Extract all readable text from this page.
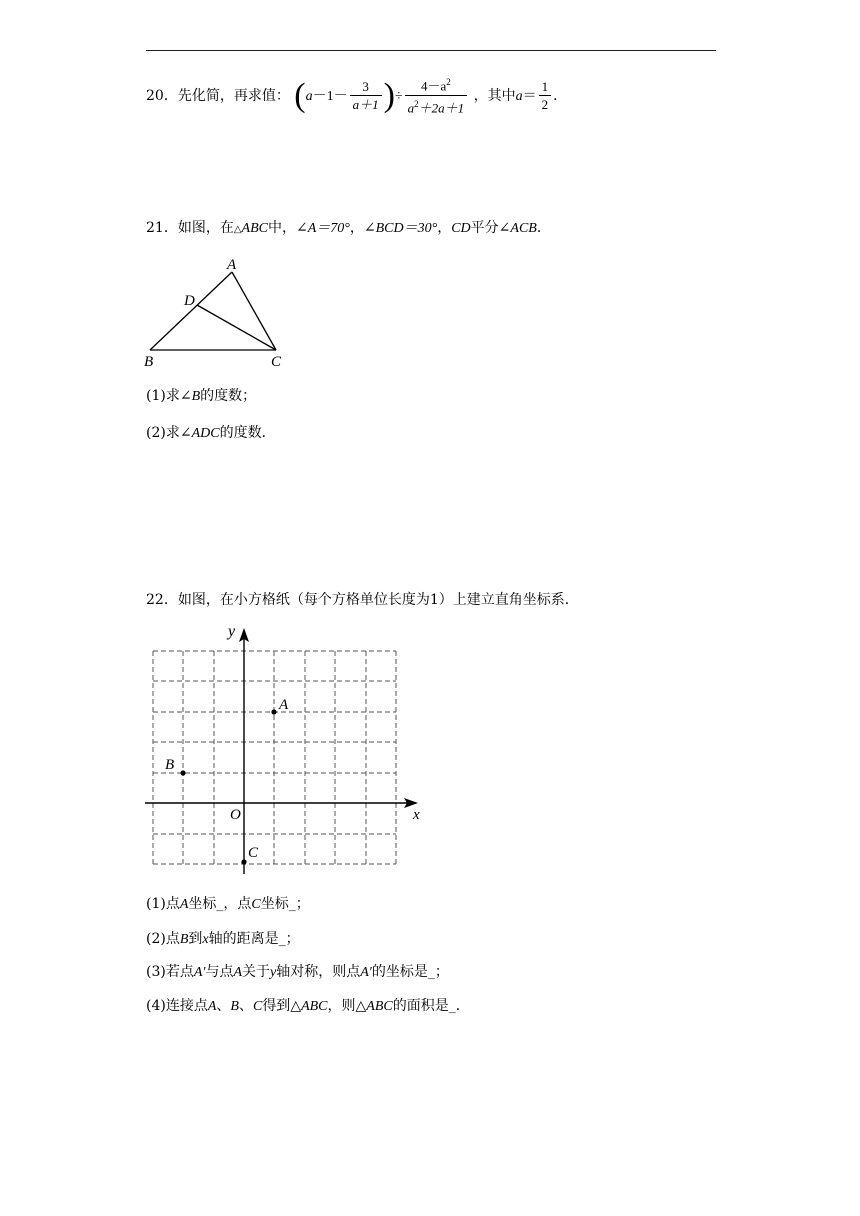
20．先化简，再求值： ($a-1- \frac{3}{a+1}$ )÷ $\frac{4-a^2}{a^2+2a+1}$ ，其中$a= \frac{1}{2}$ ．
21．如图，在△ABC中，∠A＝70°，∠BCD＝30°，CD平分∠ACB．
A
D
B	C
(1)求∠B的度数；
(2)求∠ADC的度数．
22．如图，在小方格纸（每个方格单位长度为1）上建立直角坐标系．
y
x
O
A
B
C
(1)点A坐标_，点C坐标_；
(2)点B到x轴的距离是_；
(3)若点A′与点A关于y轴对称，则点A′的坐标是_；
(4)连接点A、B、C得到△ABC，则△ABC的面积是_．
